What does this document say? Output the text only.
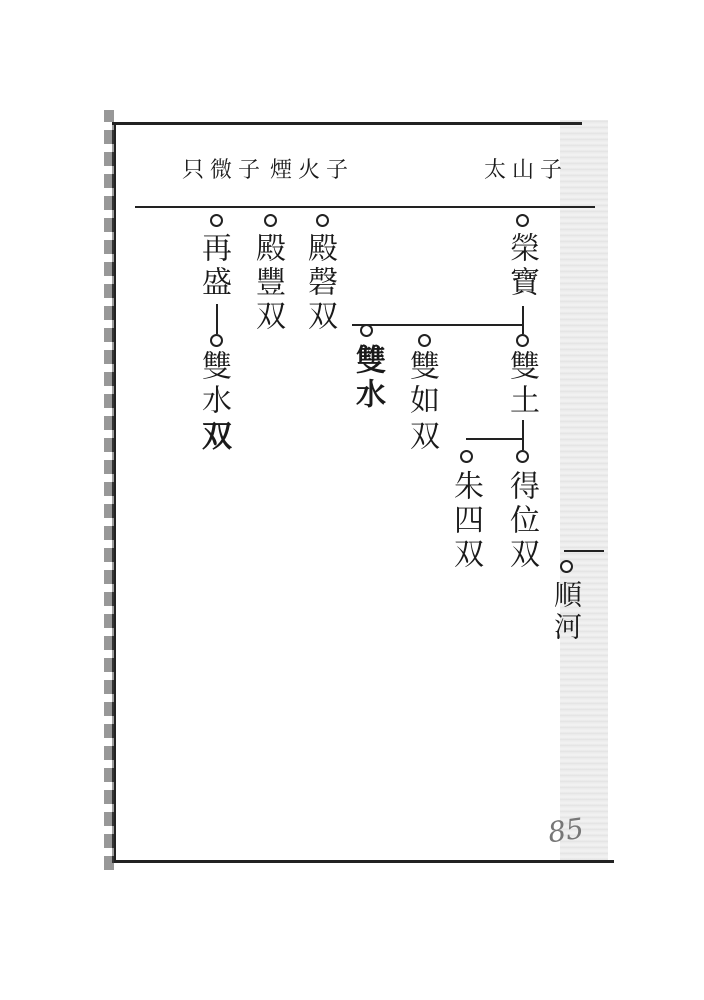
太山子
子火煙
子微只
榮寶
雙土
得位
双
朱四
双
雙如
双
雙水
殿磬
双
殿豐
双
再盛
雙水
双
順河
85
